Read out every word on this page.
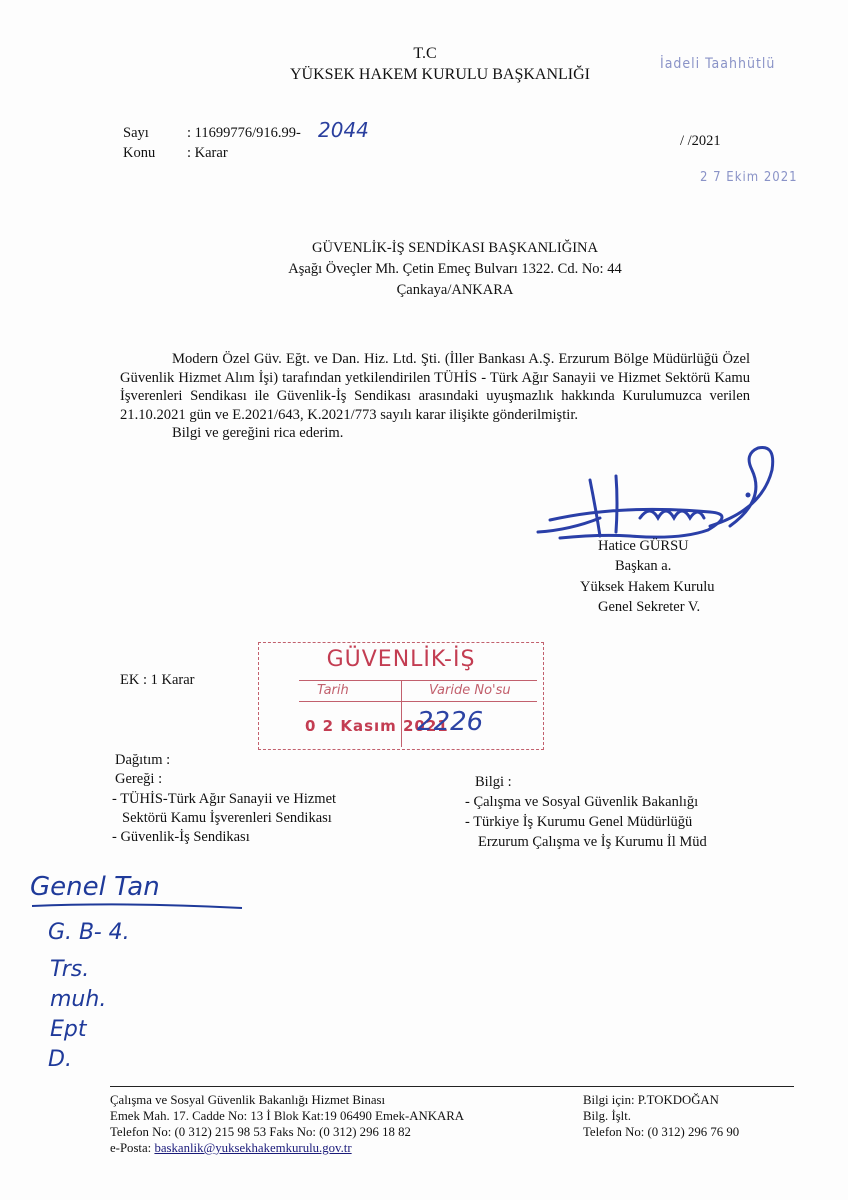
T.C
YÜKSEK HAKEM KURULU BAŞKANLIĞI
İadeli Taahhütlü
Sayı	: 11699776/916.99- 2044
Konu : Karar
/ /2021
2 7 Ekim 2021
GÜVENLİK-İŞ SENDİKASI BAŞKANLIĞINA
Aşağı Öveçler Mh. Çetin Emeç Bulvarı 1322. Cd. No: 44
Çankaya/ANKARA

Modern Özel Güv. Eğt. ve Dan. Hiz. Ltd. Şti. (İller Bankası A.Ş. Erzurum Bölge Müdürlüğü Özel Güvenlik Hizmet Alım İşi) tarafından yetkilendirilen TÜHİS - Türk Ağır Sanayii ve Hizmet Sektörü Kamu İşverenleri Sendikası ile Güvenlik-İş Sendikası arasındaki uyuşmazlık hakkında Kurulumuzca verilen 21.10.2021 gün ve E.2021/643, K.2021/773 sayılı karar ilişikte gönderilmiştir.

Bilgi ve gereğini rica ederim.

Hatice GÜRSU
Başkan a.
Yüksek Hakem Kurulu
Genel Sekreter V.
EK : 1 Karar
GÜVENLİK-İŞ
Tarih	Varide No'su
0 2 Kasım 2021
2226
Dağıtım :
Gereği :
- TÜHİS-Türk Ağır Sanayii ve Hizmet
Sektörü Kamu İşverenleri Sendikası
- Güvenlik-İş Sendikası
Bilgi :
- Çalışma ve Sosyal Güvenlik Bakanlığı
- Türkiye İş Kurumu Genel Müdürlüğü
Erzurum Çalışma ve İş Kurumu İl Müd
Genel Tan
G. B- 4.
Trs.
muh.
Ept
D.
Çalışma ve Sosyal Güvenlik Bakanlığı Hizmet Binası
Emek Mah. 17. Cadde No: 13 İ Blok Kat:19 06490 Emek-ANKARA
Telefon No: (0 312) 215 98 53 Faks No: (0 312) 296 18 82
e-Posta: baskanlik@yuksekhakemkurulu.gov.tr
Bilgi için: P.TOKDOĞAN
Bilg. İşlt.
Telefon No: (0 312) 296 76 90
